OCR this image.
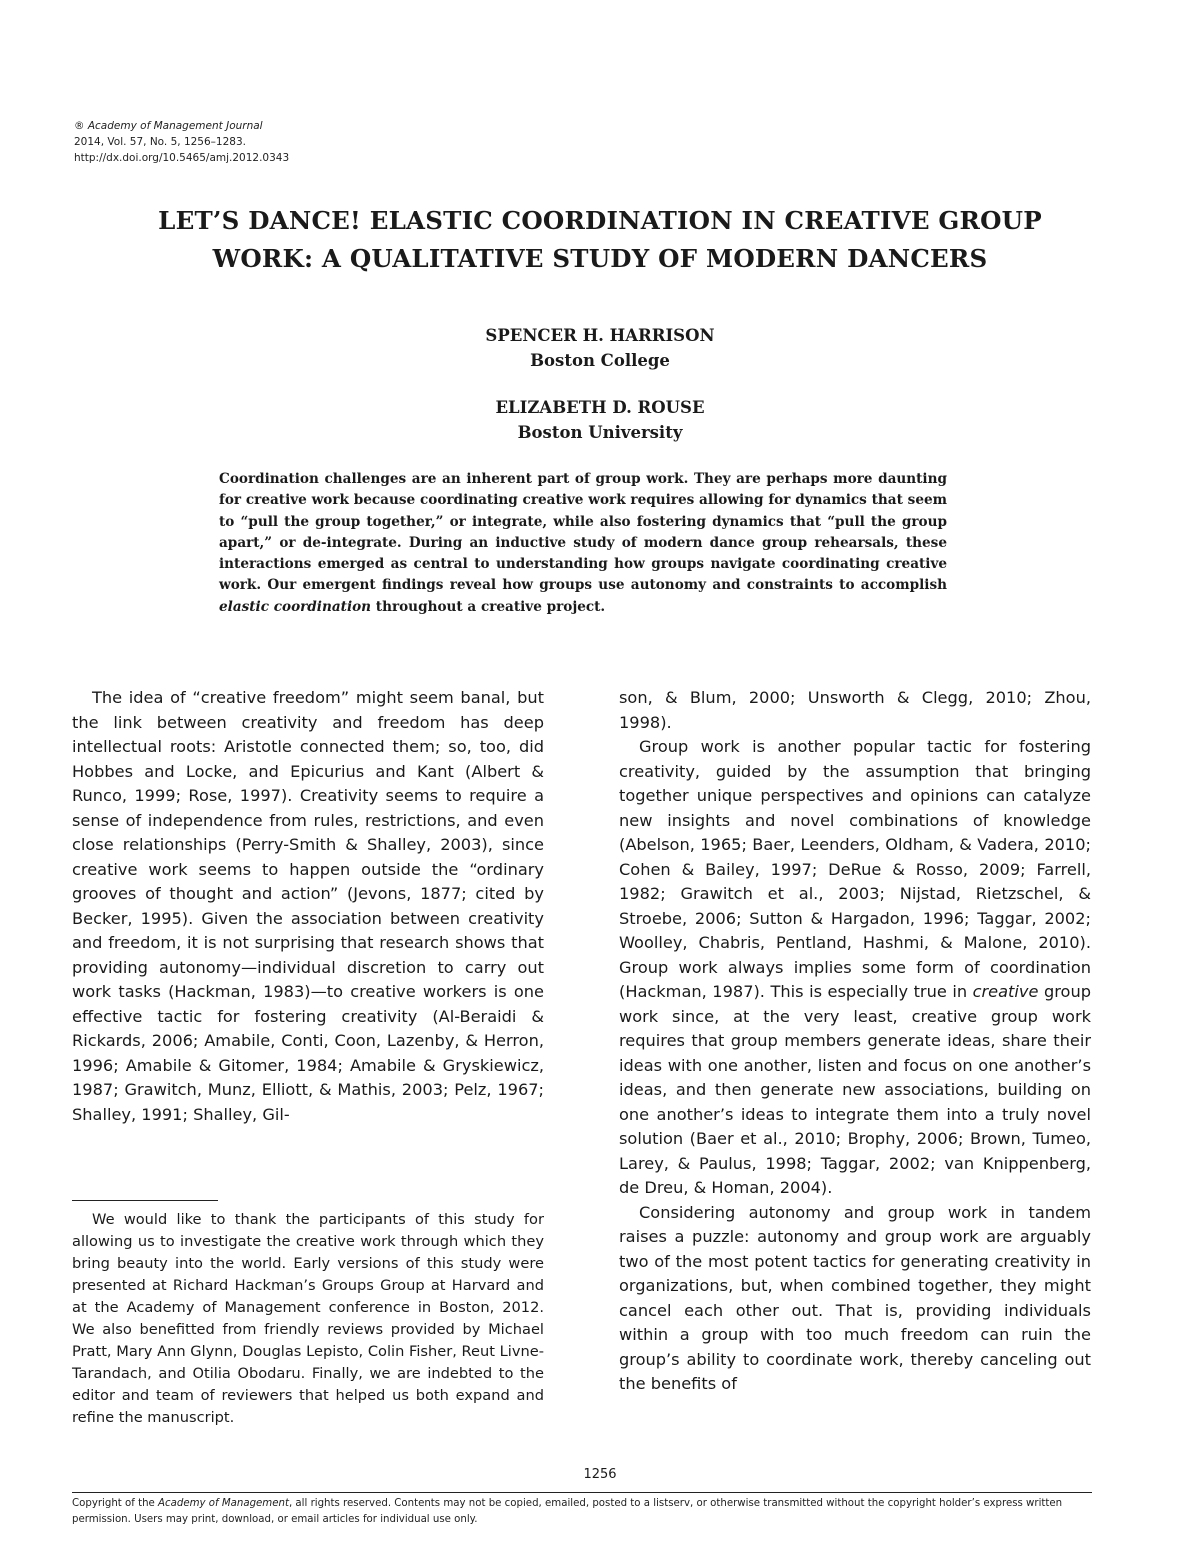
® Academy of Management Journal
2014, Vol. 57, No. 5, 1256–1283.
http://dx.doi.org/10.5465/amj.2012.0343
LET’S DANCE! ELASTIC COORDINATION IN CREATIVE GROUP WORK: A QUALITATIVE STUDY OF MODERN DANCERS
SPENCER H. HARRISON
Boston College
ELIZABETH D. ROUSE
Boston University

Coordination challenges are an inherent part of group work. They are perhaps more daunting for creative work because coordinating creative work requires allowing for dynamics that seem to “pull the group together,” or integrate, while also fostering dynamics that “pull the group apart,” or de-integrate. During an inductive study of modern dance group rehearsals, these interactions emerged as central to understanding how groups navigate coordinating creative work. Our emergent findings reveal how groups use autonomy and constraints to accomplish elastic coordination throughout a creative project.

The idea of “creative freedom” might seem banal, but the link between creativity and freedom has deep intellectual roots: Aristotle connected them; so, too, did Hobbes and Locke, and Epicurius and Kant (Albert & Runco, 1999; Rose, 1997). Creativity seems to require a sense of independence from rules, restrictions, and even close relationships (Perry-Smith & Shalley, 2003), since creative work seems to happen outside the “ordinary grooves of thought and action” (Jevons, 1877; cited by Becker, 1995). Given the association between creativity and freedom, it is not surprising that research shows that providing autonomy—individual discretion to carry out work tasks (Hackman, 1983)—to creative workers is one effective tactic for fostering creativity (Al-Beraidi & Rickards, 2006; Amabile, Conti, Coon, Lazenby, & Herron, 1996; Amabile & Gitomer, 1984; Amabile & Gryskiewicz, 1987; Grawitch, Munz, Elliott, & Mathis, 2003; Pelz, 1967; Shalley, 1991; Shalley, Gil-

son, & Blum, 2000; Unsworth & Clegg, 2010; Zhou, 1998).

Group work is another popular tactic for fostering creativity, guided by the assumption that bringing together unique perspectives and opinions can catalyze new insights and novel combinations of knowledge (Abelson, 1965; Baer, Leenders, Oldham, & Vadera, 2010; Cohen & Bailey, 1997; DeRue & Rosso, 2009; Farrell, 1982; Grawitch et al., 2003; Nijstad, Rietzschel, & Stroebe, 2006; Sutton & Hargadon, 1996; Taggar, 2002; Woolley, Chabris, Pentland, Hashmi, & Malone, 2010). Group work always implies some form of coordination (Hackman, 1987). This is especially true in creative group work since, at the very least, creative group work requires that group members generate ideas, share their ideas with one another, listen and focus on one another’s ideas, and then generate new associations, building on one another’s ideas to integrate them into a truly novel solution (Baer et al., 2010; Brophy, 2006; Brown, Tumeo, Larey, & Paulus, 1998; Taggar, 2002; van Knippenberg, de Dreu, & Homan, 2004).

Considering autonomy and group work in tandem raises a puzzle: autonomy and group work are arguably two of the most potent tactics for generating creativity in organizations, but, when combined together, they might cancel each other out. That is, providing individuals within a group with too much freedom can ruin the group’s ability to coordinate work, thereby canceling out the benefits of

We would like to thank the participants of this study for allowing us to investigate the creative work through which they bring beauty into the world. Early versions of this study were presented at Richard Hackman’s Groups Group at Harvard and at the Academy of Management conference in Boston, 2012. We also benefitted from friendly reviews provided by Michael Pratt, Mary Ann Glynn, Douglas Lepisto, Colin Fisher, Reut Livne-Tarandach, and Otilia Obodaru. Finally, we are indebted to the editor and team of reviewers that helped us both expand and refine the manuscript.

1256

Copyright of the Academy of Management, all rights reserved. Contents may not be copied, emailed, posted to a listserv, or otherwise transmitted without the copyright holder’s express written permission. Users may print, download, or email articles for individual use only.
